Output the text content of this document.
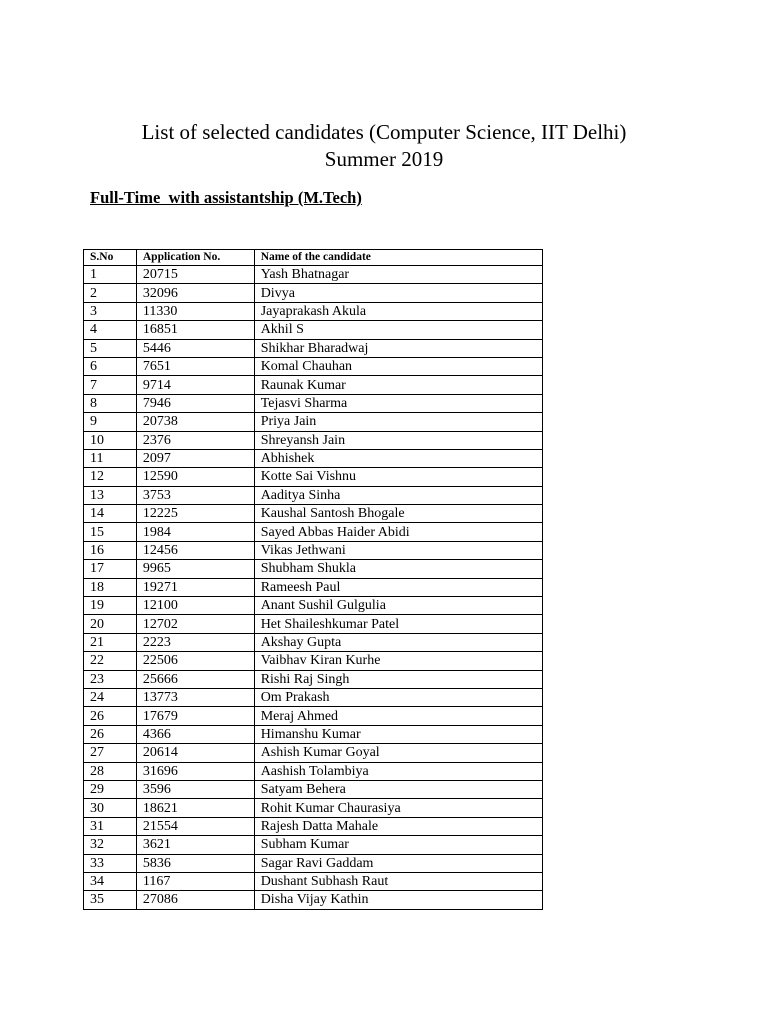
List of selected candidates (Computer Science, IIT Delhi)
Summer 2019
Full-Time  with assistantship (M.Tech)
S.No	Application No.	Name of the candidate
1	20715	Yash Bhatnagar
2	32096	Divya
3	11330	Jayaprakash Akula
4	16851	Akhil S
5	5446	Shikhar Bharadwaj
6	7651	Komal Chauhan
7	9714	Raunak Kumar
8	7946	Tejasvi Sharma
9	20738	Priya Jain
10	2376	Shreyansh Jain
11	2097	Abhishek
12	12590	Kotte Sai Vishnu
13	3753	Aaditya Sinha
14	12225	Kaushal Santosh Bhogale
15	1984	Sayed Abbas Haider Abidi
16	12456	Vikas Jethwani
17	9965	Shubham Shukla
18	19271	Rameesh Paul
19	12100	Anant Sushil Gulgulia
20	12702	Het Shaileshkumar Patel
21	2223	Akshay Gupta
22	22506	Vaibhav Kiran Kurhe
23	25666	Rishi Raj Singh
24	13773	Om Prakash
26	17679	Meraj Ahmed
26	4366	Himanshu Kumar
27	20614	Ashish Kumar Goyal
28	31696	Aashish Tolambiya
29	3596	Satyam Behera
30	18621	Rohit Kumar Chaurasiya
31	21554	Rajesh Datta Mahale
32	3621	Subham Kumar
33	5836	Sagar Ravi Gaddam
34	1167	Dushant Subhash Raut
35	27086	Disha Vijay Kathin
